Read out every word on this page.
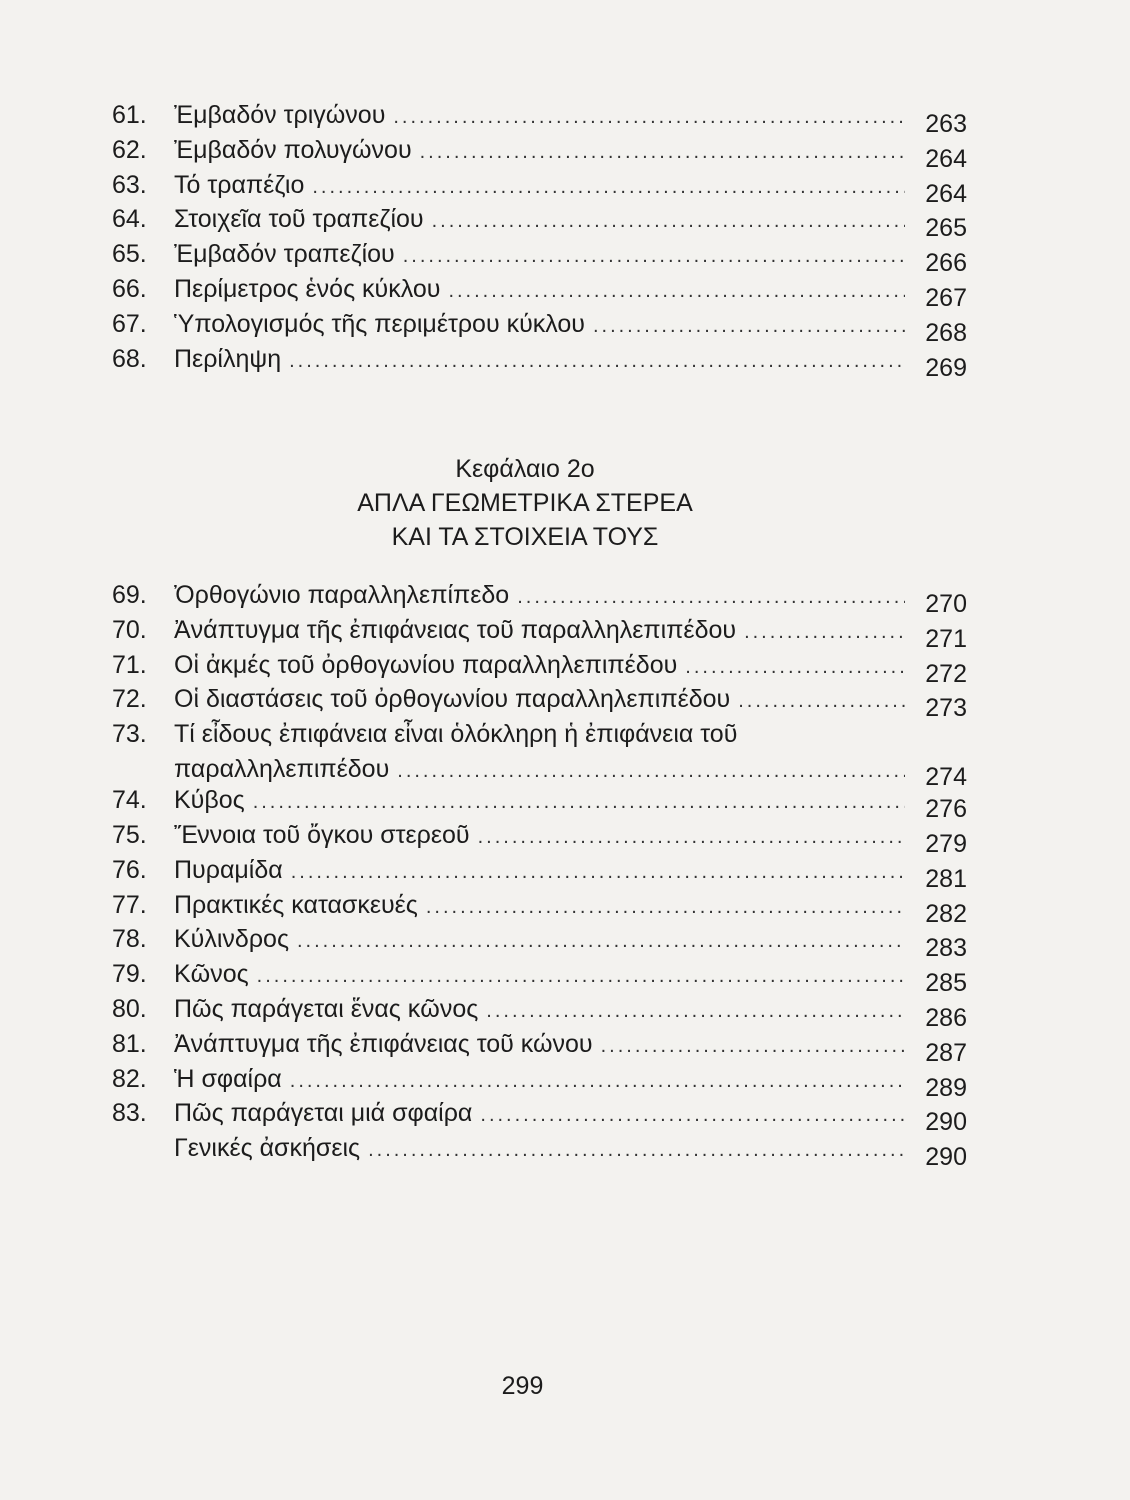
61.	Ἐμβαδόν τριγώνου .....	263
62.	Ἐμβαδόν πολυγώνου .....	264
63.	Τό τραπέζιο .....	264
64.	Στοιχεῖα τοῦ τραπεζίου .....	265
65.	Ἐμβαδόν τραπεζίου .....	266
66.	Περίμετρος ἑνός κύκλου .....	267
67.	Ὑπολογισμός τῆς περιμέτρου κύκλου .....	268
68.	Περίληψη .....	269
Κεφάλαιο 2ο
ΑΠΛΑ ΓΕΩΜΕΤΡΙΚΑ ΣΤΕΡΕΑ
ΚΑΙ ΤΑ ΣΤΟΙΧΕΙΑ ΤΟΥΣ
69.	Ὀρθογώνιο παραλληλεπίπεδο .....	270
70.	Ἀνάπτυγμα τῆς ἐπιφάνειας τοῦ παραλληλεπιπέδου .....	271
71.	Οἱ ἀκμές τοῦ ὀρθογωνίου παραλληλεπιπέδου .....	272
72.	Οἱ διαστάσεις τοῦ ὀρθογωνίου παραλληλεπιπέδου .....	273
73.	Τί εἶδους ἐπιφάνεια εἶναι ὁλόκληρη ἡ ἐπιφάνεια τοῦ
παραλληλεπιπέδου .....	274
74.	Κύβος .....	276
75.	Ἔννοια τοῦ ὄγκου στερεοῦ .....	279
76.	Πυραμίδα .....	281
77.	Πρακτικές κατασκευές .....	282
78.	Κύλινδρος .....	283
79.	Κῶνος .....	285
80.	Πῶς παράγεται ἕνας κῶνος .....	286
81.	Ἀνάπτυγμα τῆς ἐπιφάνειας τοῦ κώνου .....	287
82.	Ἡ σφαίρα .....	289
83.	Πῶς παράγεται μιά σφαίρα .....	290
Γενικές ἀσκήσεις .....	290
299
